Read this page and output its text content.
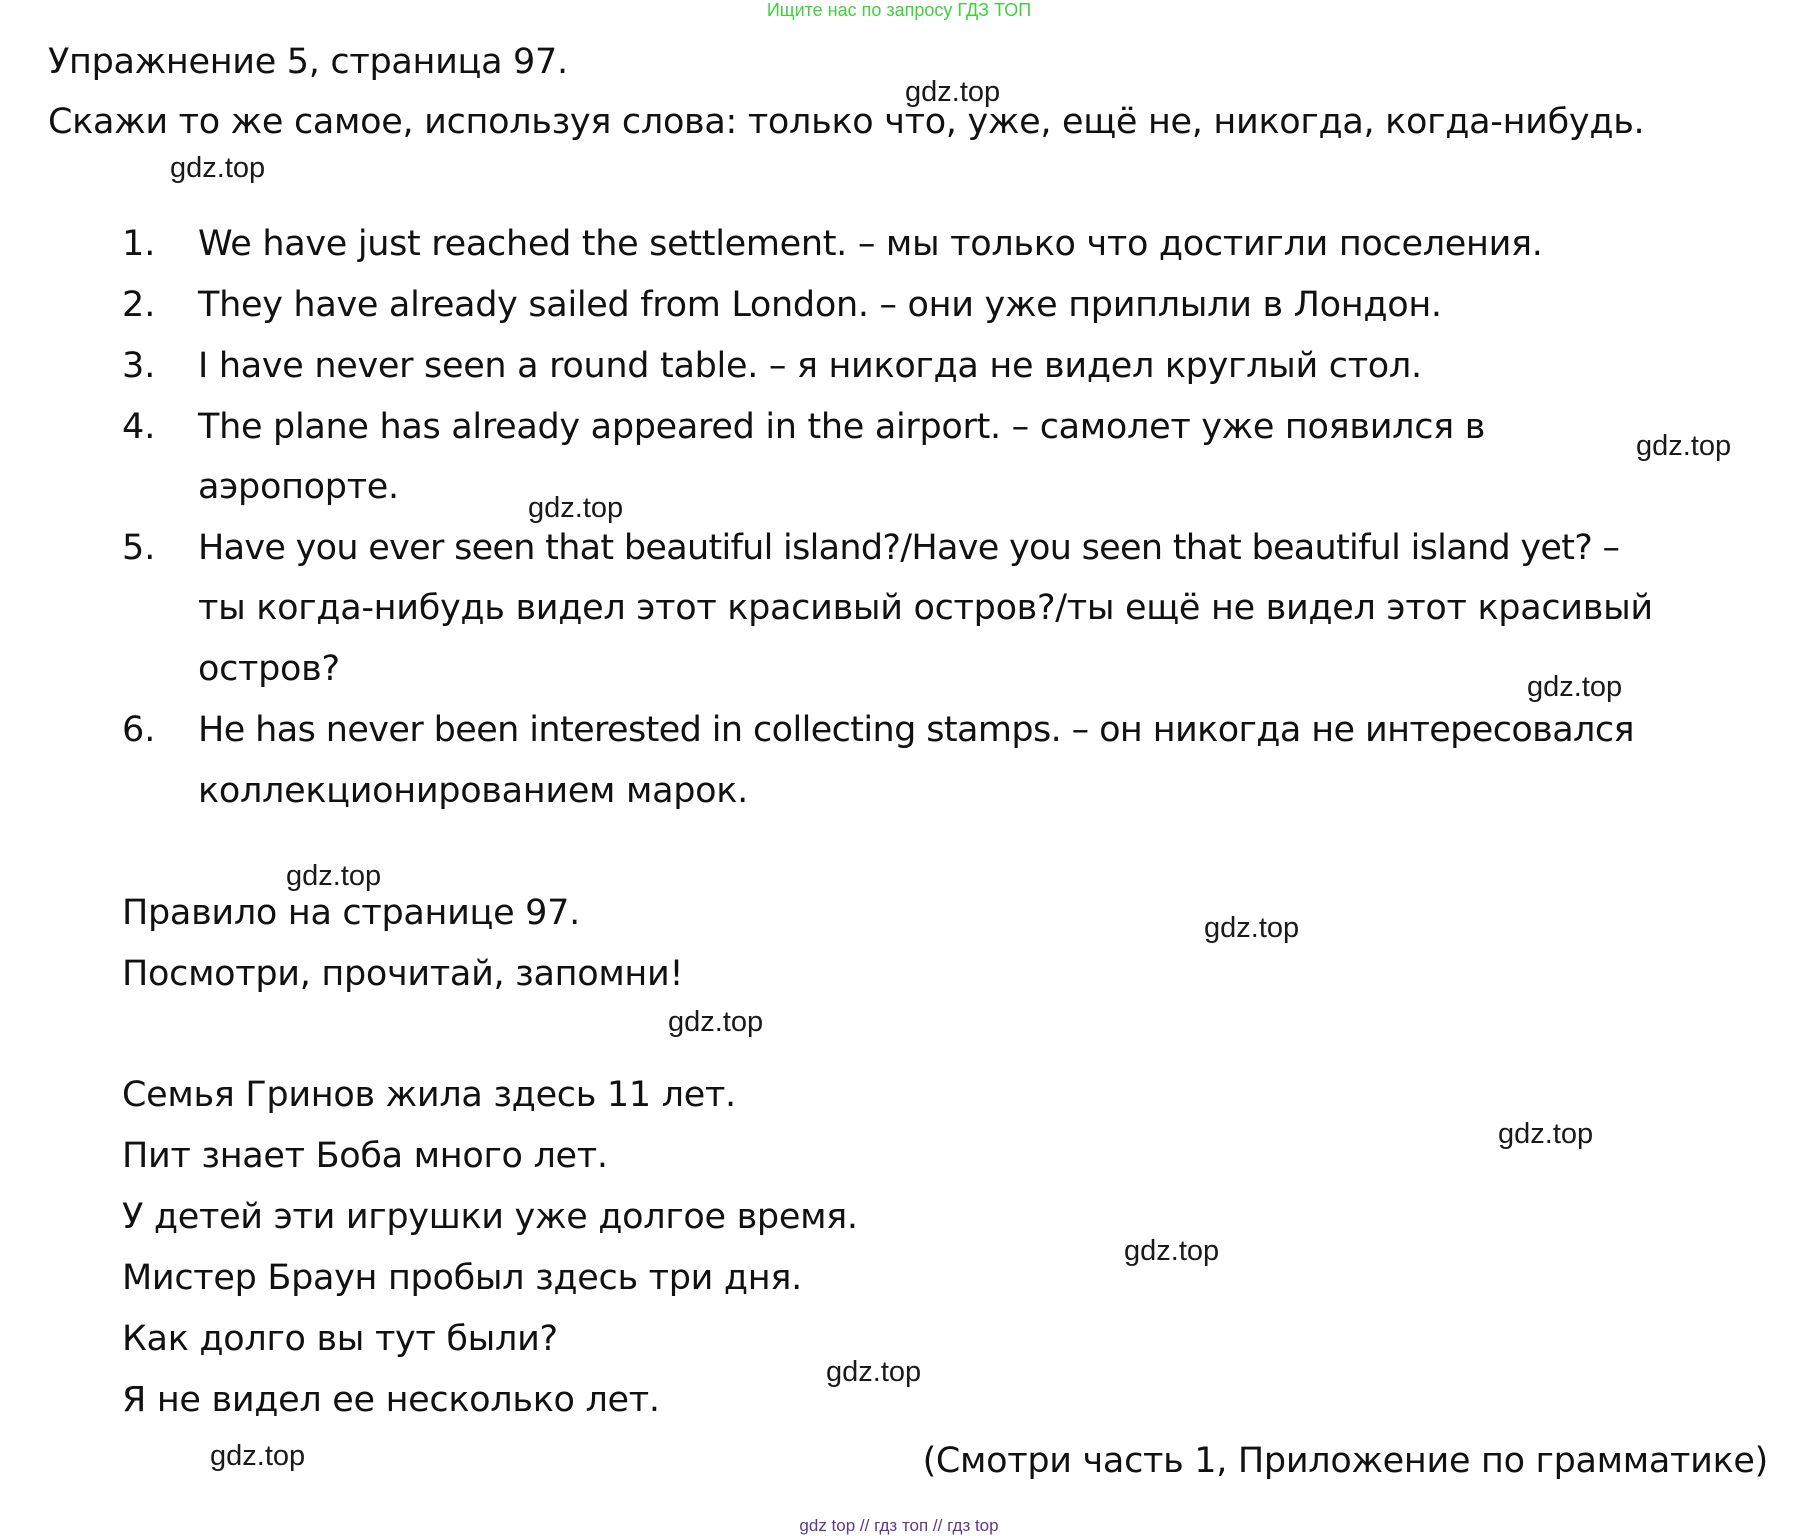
Ищите нас по запросу ГДЗ ТОП
Упражнение 5, страница 97.
Скажи то же самое, используя слова: только что, уже, ещё не, никогда, когда-нибудь.
1. We have just reached the settlement. – мы только что достигли поселения.
2. They have already sailed from London. – они уже приплыли в Лондон.
3. I have never seen a round table. – я никогда не видел круглый стол.
4. The plane has already appeared in the airport. – самолет уже появился в
аэропорте.
5. Have you ever seen that beautiful island?/Have you seen that beautiful island yet? –
ты когда-нибудь видел этот красивый остров?/ты ещё не видел этот красивый
остров?
6. He has never been interested in collecting stamps. – он никогда не интересовался
коллекционированием марок.
Правило на странице 97.
Посмотри, прочитай, запомни!
Семья Гринов жила здесь 11 лет.
Пит знает Боба много лет.
У детей эти игрушки уже долгое время.
Мистер Браун пробыл здесь три дня.
Как долго вы тут были?
Я не видел ее несколько лет.
(Смотри часть 1, Приложение по грамматике)
gdz.top
gdz.top
gdz.top
gdz.top
gdz.top
gdz.top
gdz.top
gdz.top
gdz.top
gdz.top
gdz.top
gdz.top
gdz top // гдз топ // гдз top
